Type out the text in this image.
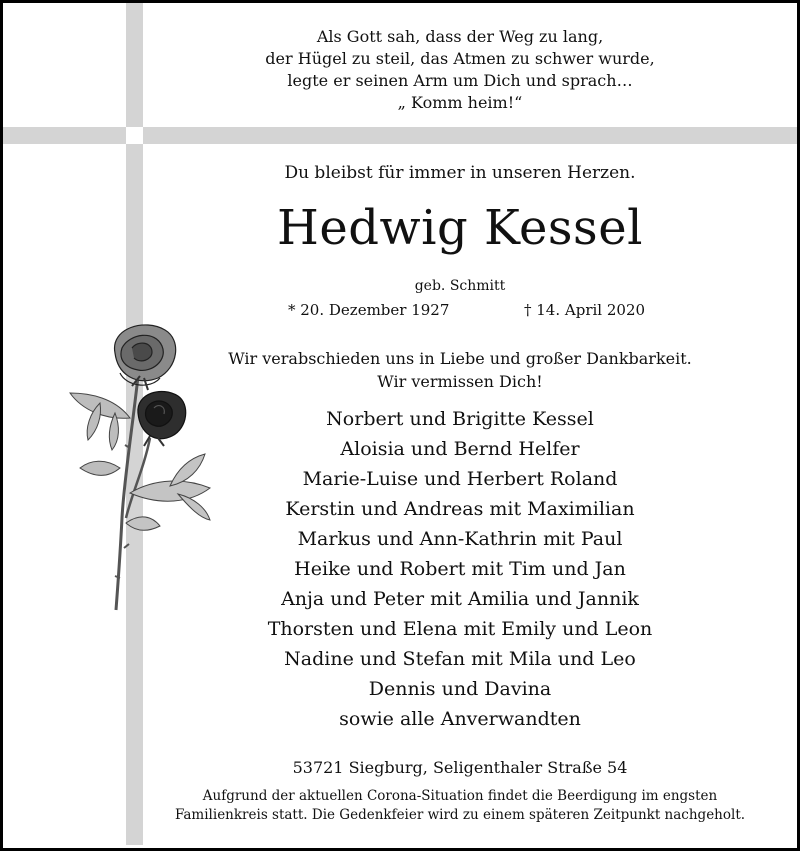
Als Gott sah, dass der Weg zu lang,
der Hügel zu steil, das Atmen zu schwer wurde,
legte er seinen Arm um Dich und sprach…
„ Komm heim!“
Du bleibst für immer in unseren Herzen.
Hedwig Kessel
geb. Schmitt
* 20. Dezember 1927	† 14. April 2020
Wir verabschieden uns in Liebe und großer Dankbarkeit.
Wir vermissen Dich!
Norbert und Brigitte Kessel
Aloisia und Bernd Helfer
Marie-Luise und Herbert Roland
Kerstin und Andreas mit Maximilian
Markus und Ann-Kathrin mit Paul
Heike und Robert mit Tim und Jan
Anja und Peter mit Amilia und Jannik
Thorsten und Elena mit Emily und Leon
Nadine und Stefan mit Mila und Leo
Dennis und Davina
sowie alle Anverwandten
53721 Siegburg, Seligenthaler Straße 54
Aufgrund der aktuellen Corona-Situation findet die Beerdigung im engsten
Familienkreis statt. Die Gedenkfeier wird zu einem späteren Zeitpunkt nachgeholt.
